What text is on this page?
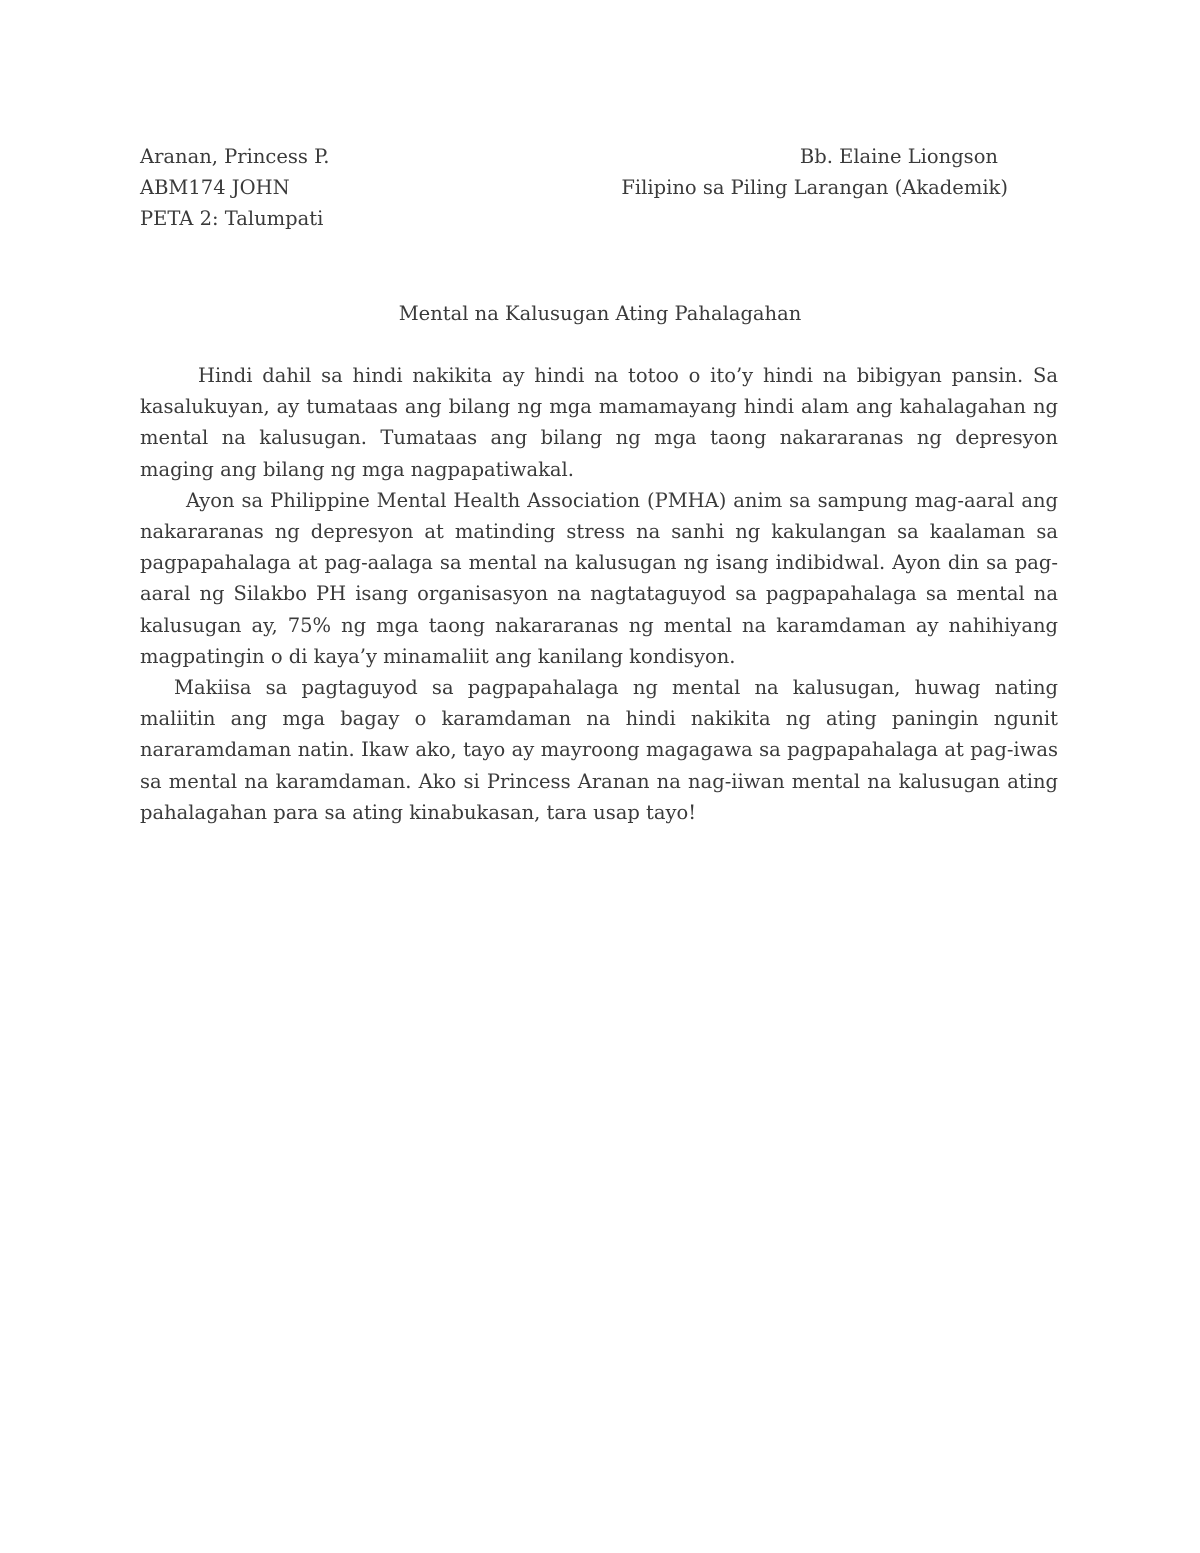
Aranan, Princess P.	Bb. Elaine Liongson
ABM174 JOHN	Filipino sa Piling Larangan (Akademik)
PETA 2: Talumpati
Mental na Kalusugan Ating Pahalagahan

Hindi dahil sa hindi nakikita ay hindi na totoo o ito’y hindi na bibigyan pansin. Sa kasalukuyan, ay tumataas ang bilang ng mga mamamayang hindi alam ang kahalagahan ng mental na kalusugan. Tumataas ang bilang ng mga taong nakararanas ng depresyon maging ang bilang ng mga nagpapatiwakal.

Ayon sa Philippine Mental Health Association (PMHA) anim sa sampung mag-aaral ang nakararanas ng depresyon at matinding stress na sanhi ng kakulangan sa kaalaman sa pagpapahalaga at pag-aalaga sa mental na kalusugan ng isang indibidwal. Ayon din sa pag-aaral ng Silakbo PH isang organisasyon na nagtataguyod sa pagpapahalaga sa mental na kalusugan ay, 75% ng mga taong nakararanas ng mental na karamdaman ay nahihiyang magpatingin o di kaya’y minamaliit ang kanilang kondisyon.

Makiisa sa pagtaguyod sa pagpapahalaga ng mental na kalusugan, huwag nating maliitin ang mga bagay o karamdaman na hindi nakikita ng ating paningin ngunit nararamdaman natin. Ikaw ako, tayo ay mayroong magagawa sa pagpapahalaga at pag-iwas sa mental na karamdaman. Ako si Princess Aranan na nag-iiwan mental na kalusugan ating pahalagahan para sa ating kinabukasan, tara usap tayo!
